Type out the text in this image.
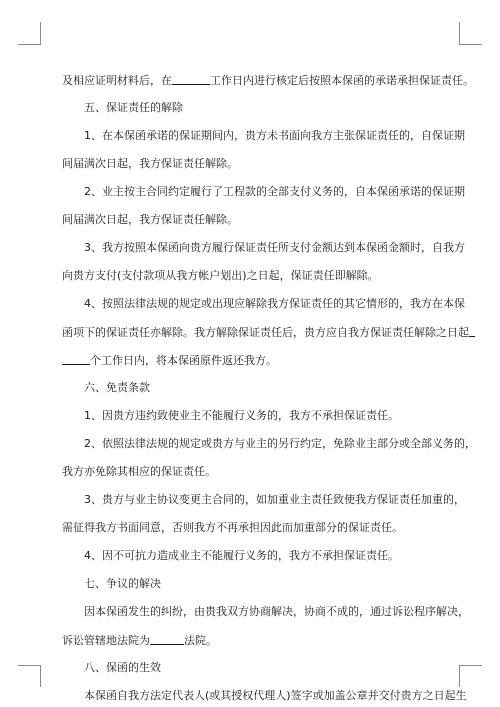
及相应证明材料后，在	工作日内进行核定后按照本保函的承诺承担保证责任。
五、保证责任的解除
1、在本保函承诺的保证期间内，贵方未书面向我方主张保证责任的，自保证期
间届满次日起，我方保证责任解除。
2、业主按主合同约定履行了工程款的全部支付义务的，自本保函承诺的保证期
间届满次日起，我方保证责任解除。
3、我方按照本保函向贵方履行保证责任所支付金额达到本保函金额时，自我方
向贵方支付(支付款项从我方帐户划出)之日起，保证责任即解除。
4、按照法律法规的规定或出现应解除我方保证责任的其它情形的，我方在本保
函项下的保证责任亦解除。我方解除保证责任后，贵方应自我方保证责任解除之日起
个工作日内，将本保函原件返还我方。
六、免责条款
1、因贵方违约致使业主不能履行义务的，我方不承担保证责任。
2、依照法律法规的规定或贵方与业主的另行约定，免除业主部分或全部义务的，
我方亦免除其相应的保证责任。
3、贵方与业主协议变更主合同的，如加重业主责任致使我方保证责任加重的，
需征得我方书面同意，否则我方不再承担因此而加重部分的保证责任。
4、因不可抗力造成业主不能履行义务的，我方不承担保证责任。
七、争议的解决
因本保函发生的纠纷，由贵我双方协商解决，协商不成的，通过诉讼程序解决，
诉讼管辖地法院为	法院。
八、保函的生效
本保函自我方法定代表人(或其授权代理人)签字或加盖公章并交付贵方之日起生
